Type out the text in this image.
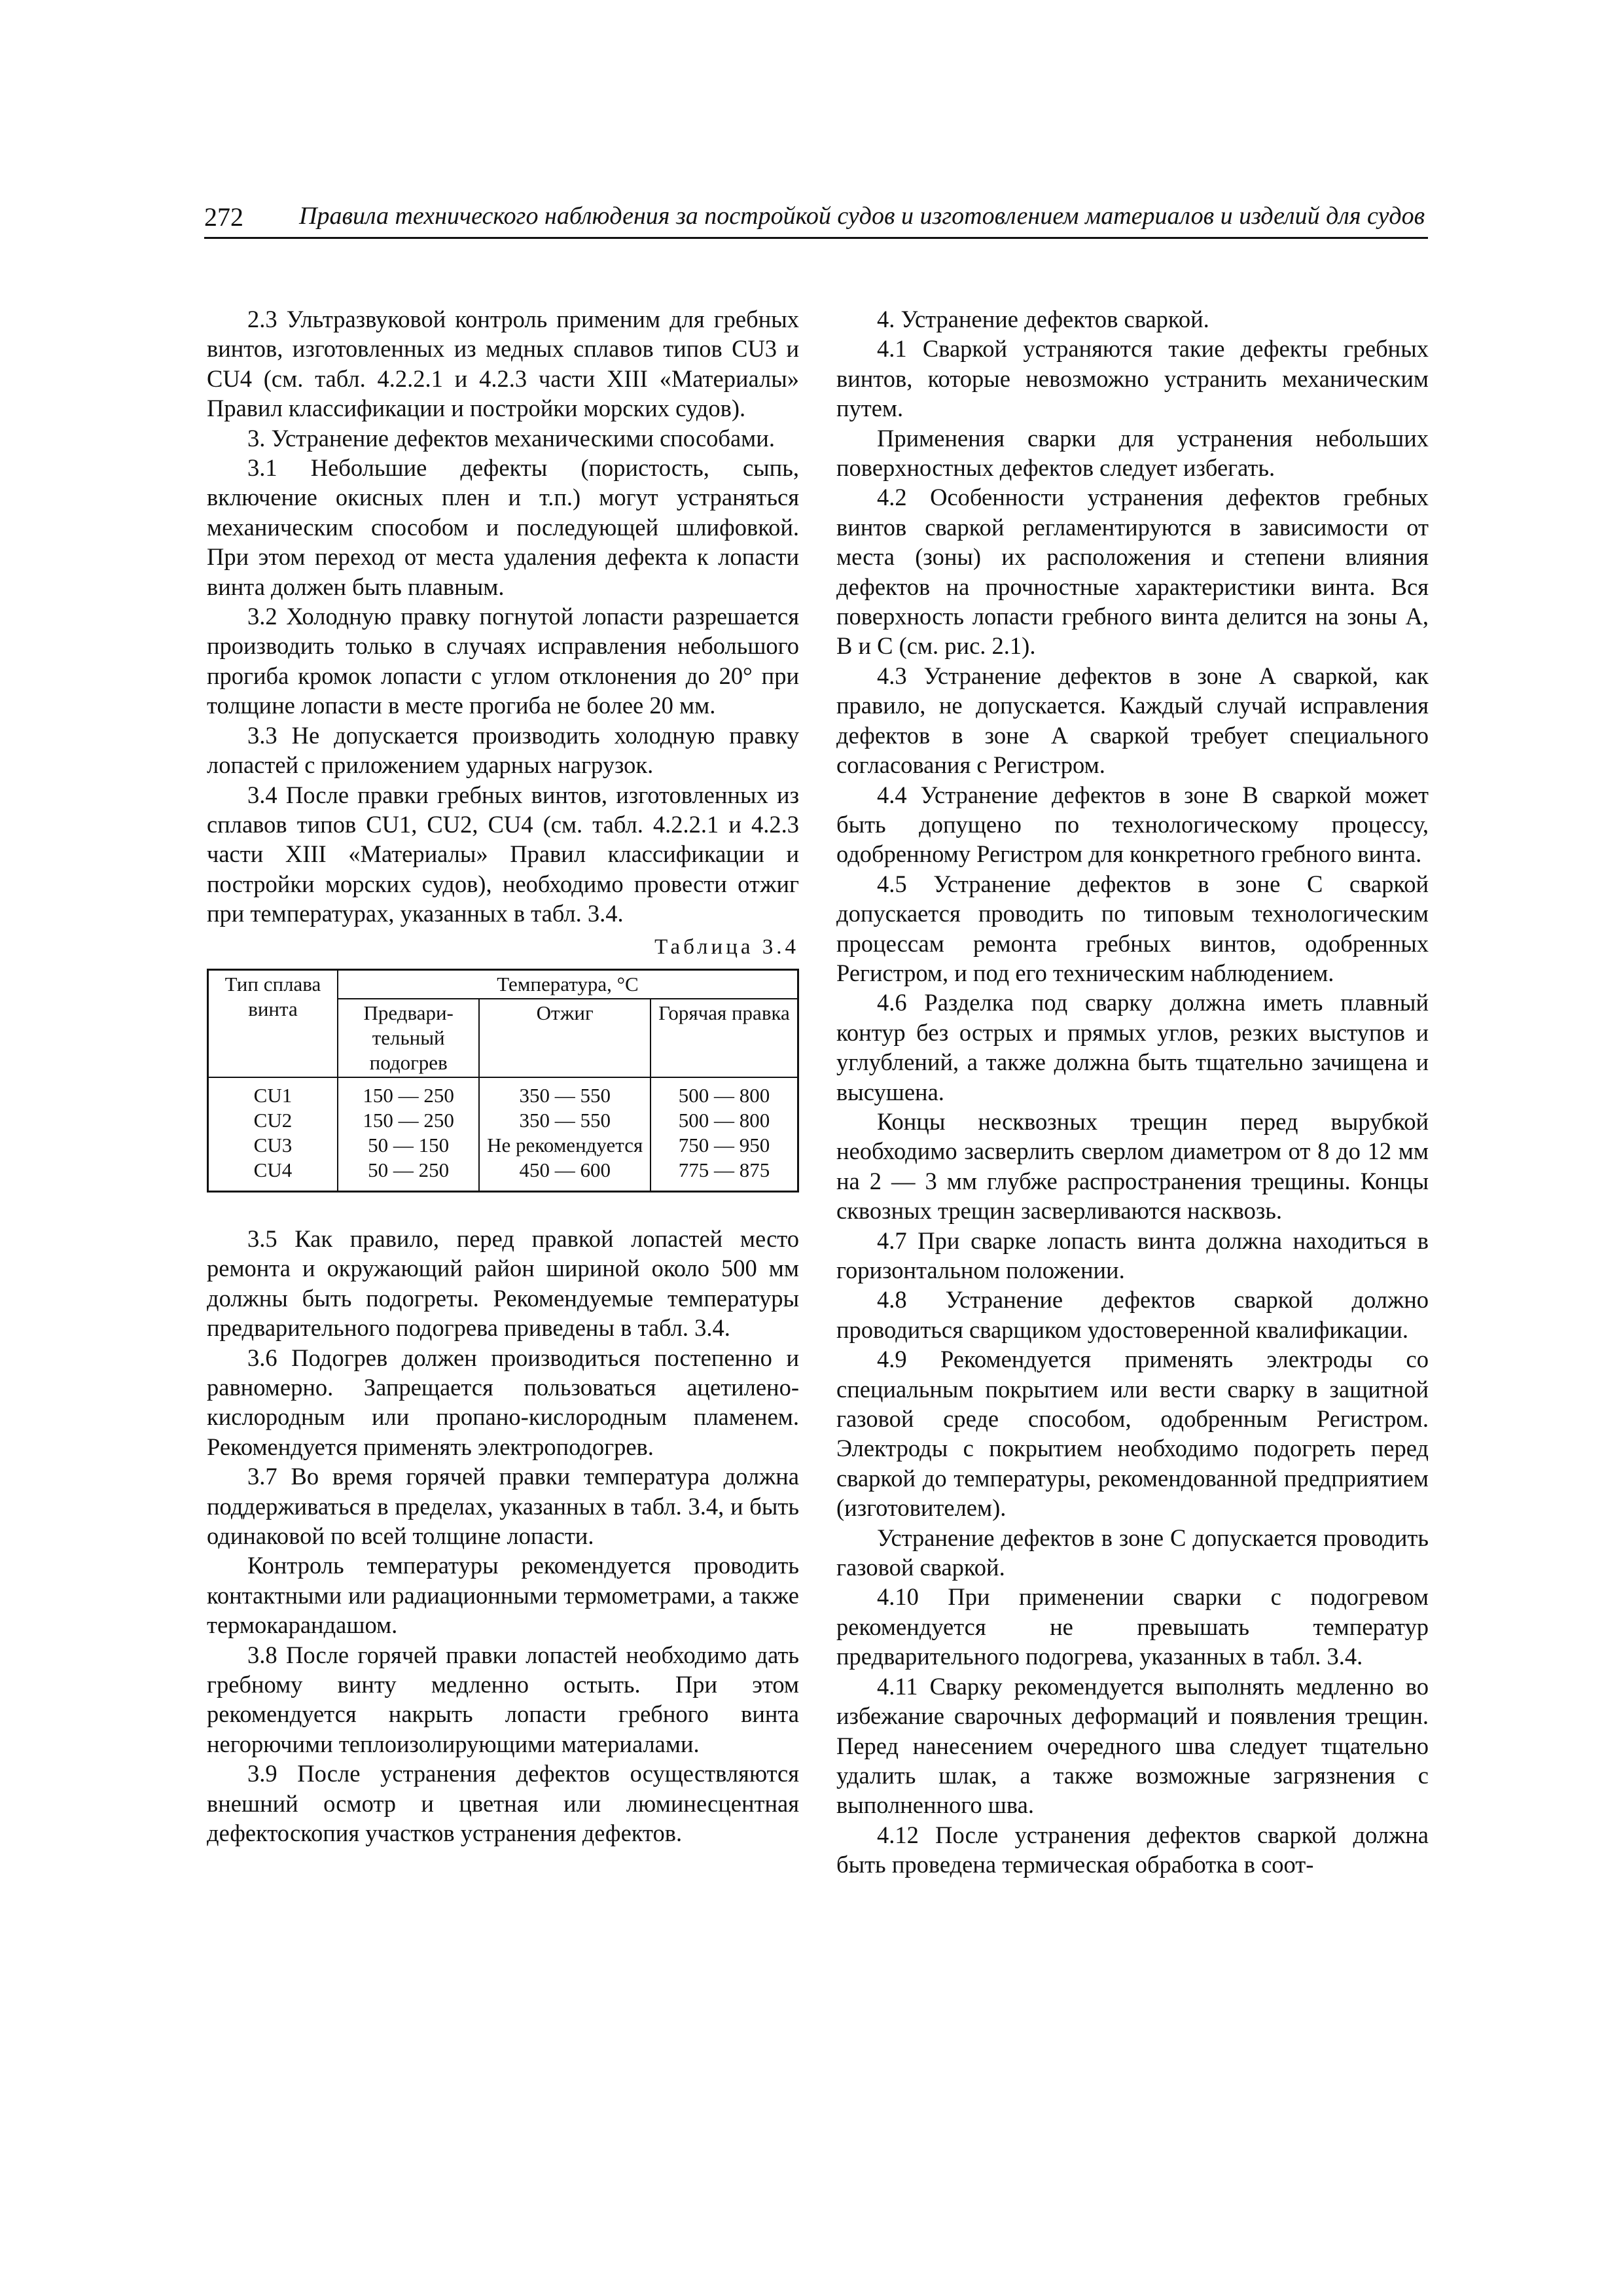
272 Правила технического наблюдения за постройкой судов и изготовлением материалов и изделий для судов

2.3 Ультразвуковой контроль применим для гребных винтов, изготовленных из медных сплавов типов CU3 и CU4 (см. табл. 4.2.2.1 и 4.2.3 части XIII «Материалы» Правил классификации и постройки морских судов).

3. Устранение дефектов механическими способами.

3.1 Небольшие дефекты (пористость, сыпь, включение окисных плен и т.п.) могут устраняться механическим способом и последующей шлифовкой. При этом переход от места удаления дефекта к лопасти винта должен быть плавным.

3.2 Холодную правку погнутой лопасти разрешается производить только в случаях исправления небольшого прогиба кромок лопасти с углом отклонения до 20° при толщине лопасти в месте прогиба не более 20 мм.

3.3 Не допускается производить холодную правку лопастей с приложением ударных нагрузок.

3.4 После правки гребных винтов, изготовленных из сплавов типов CU1, CU2, CU4 (см. табл. 4.2.2.1 и 4.2.3 части XIII «Материалы» Правил классификации и постройки морских судов), необходимо провести отжиг при температурах, указанных в табл. 3.4.

Таблица 3.4
Тип сплава винта	Температура, °С		
	Предвари-тельный подогрев	Отжиг	Горячая правка
CU1	150 — 250	350 — 550	500 — 800
CU2	150 — 250	350 — 550	500 — 800
CU3	50 — 150	Не рекомендуется	750 — 950
CU4	50 — 250	450 — 600	775 — 875

3.5 Как правило, перед правкой лопастей место ремонта и окружающий район шириной около 500 мм должны быть подогреты. Рекомендуемые температуры предварительного подогрева приведены в табл. 3.4.

3.6 Подогрев должен производиться постепенно и равномерно. Запрещается пользоваться ацетилено-кислородным или пропано-кислородным пламенем. Рекомендуется применять электроподогрев.

3.7 Во время горячей правки температура должна поддерживаться в пределах, указанных в табл. 3.4, и быть одинаковой по всей толщине лопасти.

Контроль температуры рекомендуется проводить контактными или радиационными термометрами, а также термокарандашом.

3.8 После горячей правки лопастей необходимо дать гребному винту медленно остыть. При этом рекомендуется накрыть лопасти гребного винта негорючими теплоизолирующими материалами.

3.9 После устранения дефектов осуществляются внешний осмотр и цветная или люминесцентная дефектоскопия участков устранения дефектов.

4. Устранение дефектов сваркой.

4.1 Сваркой устраняются такие дефекты гребных винтов, которые невозможно устранить механическим путем.

Применения сварки для устранения небольших поверхностных дефектов следует избегать.

4.2 Особенности устранения дефектов гребных винтов сваркой регламентируются в зависимости от места (зоны) их расположения и степени влияния дефектов на прочностные характеристики винта. Вся поверхность лопасти гребного винта делится на зоны А, В и С (см. рис. 2.1).

4.3 Устранение дефектов в зоне А сваркой, как правило, не допускается. Каждый случай исправления дефектов в зоне А сваркой требует специального согласования с Регистром.

4.4 Устранение дефектов в зоне В сваркой может быть допущено по технологическому процессу, одобренному Регистром для конкретного гребного винта.

4.5 Устранение дефектов в зоне С сваркой допускается проводить по типовым технологическим процессам ремонта гребных винтов, одобренных Регистром, и под его техническим наблюдением.

4.6 Разделка под сварку должна иметь плавный контур без острых и прямых углов, резких выступов и углублений, а также должна быть тщательно зачищена и высушена.

Концы несквозных трещин перед вырубкой необходимо засверлить сверлом диаметром от 8 до 12 мм на 2 — 3 мм глубже распространения трещины. Концы сквозных трещин засверливаются насквозь.

4.7 При сварке лопасть винта должна находиться в горизонтальном положении.

4.8 Устранение дефектов сваркой должно проводиться сварщиком удостоверенной квалификации.

4.9 Рекомендуется применять электроды со специальным покрытием или вести сварку в защитной газовой среде способом, одобренным Регистром. Электроды с покрытием необходимо подогреть перед сваркой до температуры, рекомендованной предприятием (изготовителем).

Устранение дефектов в зоне С допускается проводить газовой сваркой.

4.10 При применении сварки с подогревом рекомендуется не превышать температур предварительного подогрева, указанных в табл. 3.4.

4.11 Сварку рекомендуется выполнять медленно во избежание сварочных деформаций и появления трещин. Перед нанесением очередного шва следует тщательно удалить шлак, а также возможные загрязнения с выполненного шва.

4.12 После устранения дефектов сваркой должна быть проведена термическая обработка в соот-
